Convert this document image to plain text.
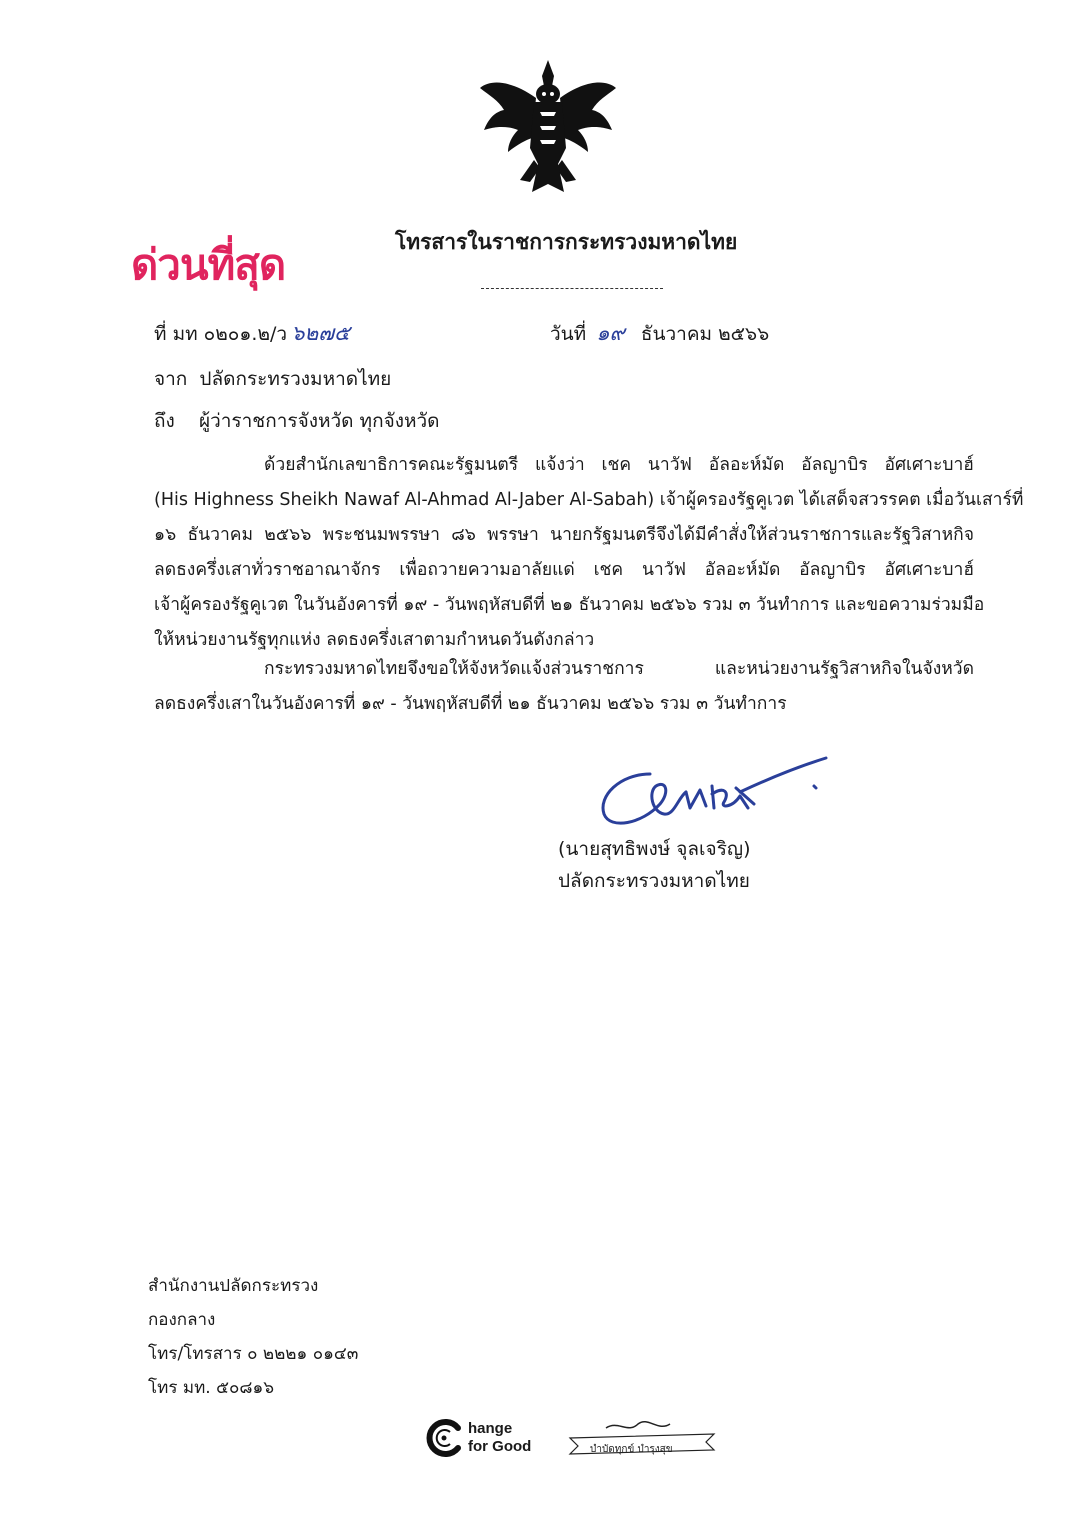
ด่วนที่สุด	โทรสารในราชการกระทรวงมหาดไทย
ที่ มท ๐๒๐๑.๒/ว ๖๒๗๕	วันที่ ๑๙ ธันวาคม ๒๕๖๖
จาก ปลัดกระทรวงมหาดไทย
ถึง ผู้ว่าราชการจังหวัด ทุกจังหวัด
ด้วยสำนักเลขาธิการคณะรัฐมนตรี แจ้งว่า เชค นาวัฟ อัลอะห์มัด อัลญาบิร อัศเศาะบาฮ์
(His Highness Sheikh Nawaf Al-Ahmad Al-Jaber Al-Sabah) เจ้าผู้ครองรัฐคูเวต ได้เสด็จสวรรคต เมื่อวันเสาร์ที่
๑๖ ธันวาคม ๒๕๖๖ พระชนมพรรษา ๘๖ พรรษา นายกรัฐมนตรีจึงได้มีคำสั่งให้ส่วนราชการและรัฐวิสาหกิจ
ลดธงครึ่งเสาทั่วราชอาณาจักร เพื่อถวายความอาลัยแด่ เชค นาวัฟ อัลอะห์มัด อัลญาบิร อัศเศาะบาฮ์
เจ้าผู้ครองรัฐคูเวต ในวันอังคารที่ ๑๙ - วันพฤหัสบดีที่ ๒๑ ธันวาคม ๒๕๖๖ รวม ๓ วันทำการ และขอความร่วมมือ
ให้หน่วยงานรัฐทุกแห่ง ลดธงครึ่งเสาตามกำหนดวันดังกล่าว
กระทรวงมหาดไทยจึงขอให้จังหวัดแจ้งส่วนราชการ และหน่วยงานรัฐวิสาหกิจในจังหวัด
ลดธงครึ่งเสาในวันอังคารที่ ๑๙ - วันพฤหัสบดีที่ ๒๑ ธันวาคม ๒๕๖๖ รวม ๓ วันทำการ
(นายสุทธิพงษ์ จุลเจริญ)
ปลัดกระทรวงมหาดไทย
สำนักงานปลัดกระทรวง
กองกลาง
โทร/โทรสาร ๐ ๒๒๒๑ ๐๑๔๓
โทร มท. ๕๐๘๑๖
hange
for Good	บำบัดทุกข์ บำรุงสุข
